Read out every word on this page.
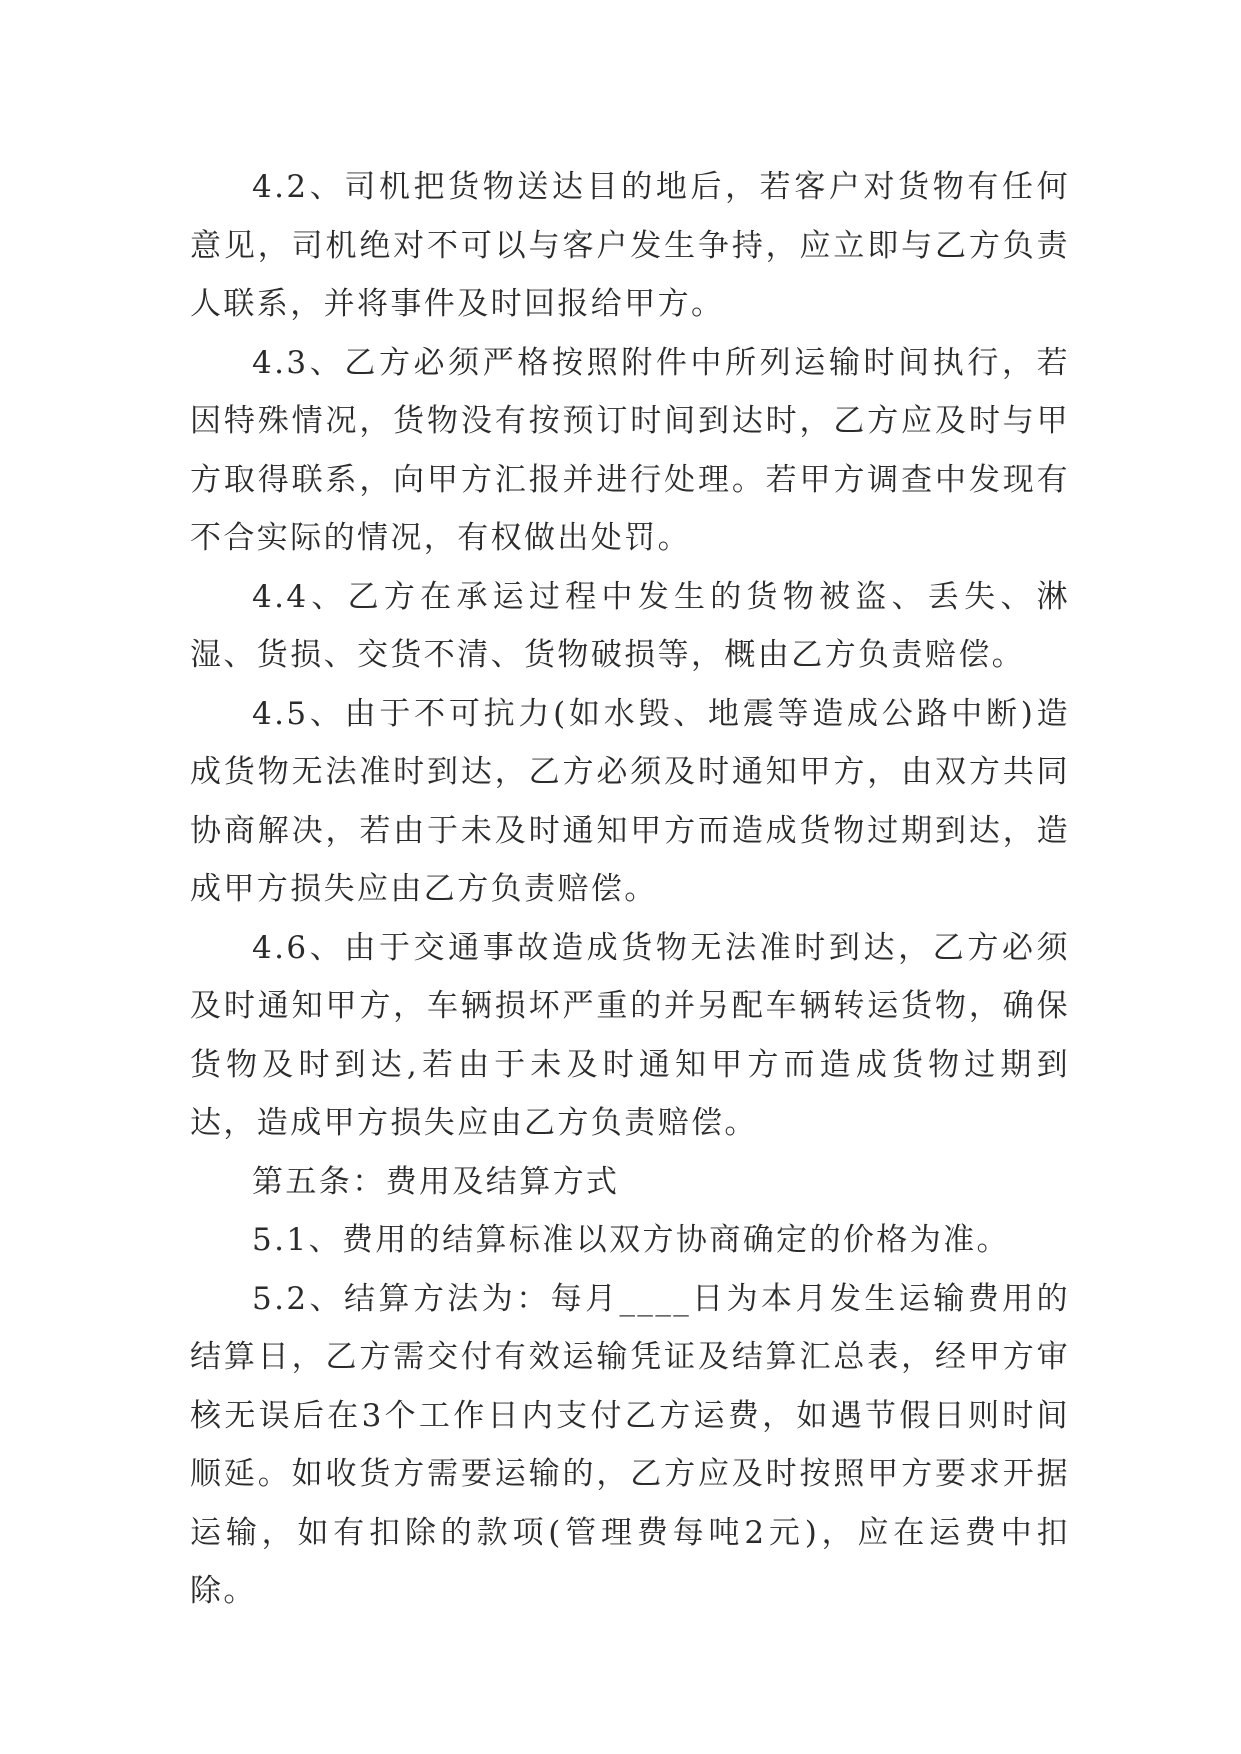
4.2、司机把货物送达目的地后，若客户对货物有任何意见，司机绝对不可以与客户发生争持，应立即与乙方负责人联系，并将事件及时回报给甲方。

4.3、乙方必须严格按照附件中所列运输时间执行，若因特殊情况，货物没有按预订时间到达时，乙方应及时与甲方取得联系，向甲方汇报并进行处理。若甲方调查中发现有不合实际的情况，有权做出处罚。

4.4、乙方在承运过程中发生的货物被盗、丢失、淋湿、货损、交货不清、货物破损等，概由乙方负责赔偿。

4.5、由于不可抗力(如水毁、地震等造成公路中断)造成货物无法准时到达，乙方必须及时通知甲方，由双方共同协商解决，若由于未及时通知甲方而造成货物过期到达，造成甲方损失应由乙方负责赔偿。

4.6、由于交通事故造成货物无法准时到达，乙方必须及时通知甲方，车辆损坏严重的并另配车辆转运货物，确保货物及时到达,若由于未及时通知甲方而造成货物过期到达，造成甲方损失应由乙方负责赔偿。

第五条：费用及结算方式

5.1、费用的结算标准以双方协商确定的价格为准。

5.2、结算方法为：每月____日为本月发生运输费用的结算日，乙方需交付有效运输凭证及结算汇总表，经甲方审核无误后在3个工作日内支付乙方运费，如遇节假日则时间顺延。如收货方需要运输的，乙方应及时按照甲方要求开据运输，如有扣除的款项(管理费每吨2元)，应在运费中扣除。
